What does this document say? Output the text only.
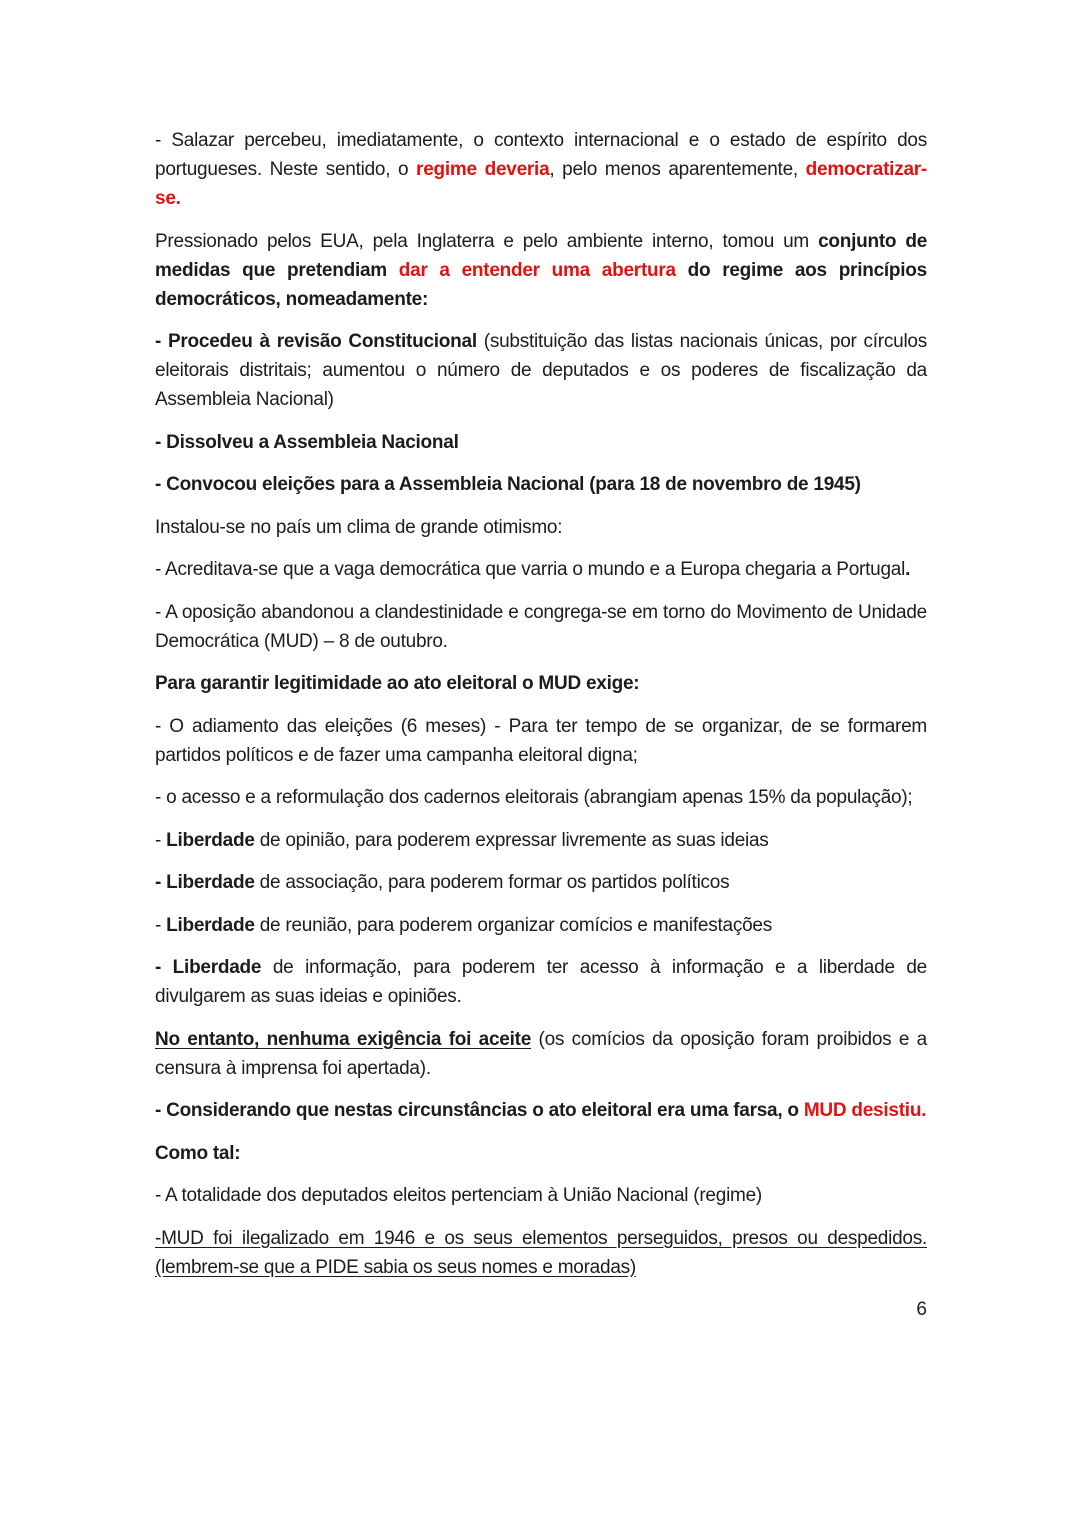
- Salazar percebeu, imediatamente, o contexto internacional e o estado de espírito dos portugueses. Neste sentido, o regime deveria, pelo menos aparentemente, democratizar-se.

Pressionado pelos EUA, pela Inglaterra e pelo ambiente interno, tomou um conjunto de medidas que pretendiam dar a entender uma abertura do regime aos princípios democráticos, nomeadamente:

- Procedeu à revisão Constitucional (substituição das listas nacionais únicas, por círculos eleitorais distritais; aumentou o número de deputados e os poderes de fiscalização da Assembleia Nacional)

- Dissolveu a Assembleia Nacional

- Convocou eleições para a Assembleia Nacional (para 18 de novembro de 1945)

Instalou-se no país um clima de grande otimismo:

- Acreditava-se que a vaga democrática que varria o mundo e a Europa chegaria a Portugal.

- A oposição abandonou a clandestinidade e congrega-se em torno do Movimento de Unidade Democrática (MUD) – 8 de outubro.

Para garantir legitimidade ao ato eleitoral o MUD exige:

- O adiamento das eleições (6 meses) - Para ter tempo de se organizar, de se formarem partidos políticos e de fazer uma campanha eleitoral digna;

- o acesso e a reformulação dos cadernos eleitorais (abrangiam apenas 15% da população);

- Liberdade de opinião, para poderem expressar livremente as suas ideias

- Liberdade de associação, para poderem formar os partidos políticos

- Liberdade de reunião, para poderem organizar comícios e manifestações

- Liberdade de informação, para poderem ter acesso à informação e a liberdade de divulgarem as suas ideias e opiniões.

No entanto, nenhuma exigência foi aceite (os comícios da oposição foram proibidos e a censura à imprensa foi apertada).

- Considerando que nestas circunstâncias o ato eleitoral era uma farsa, o MUD desistiu.

Como tal:

- A totalidade dos deputados eleitos pertenciam à União Nacional (regime)

-MUD foi ilegalizado em 1946 e os seus elementos perseguidos, presos ou despedidos. (lembrem-se que a PIDE sabia os seus nomes e moradas)

6
